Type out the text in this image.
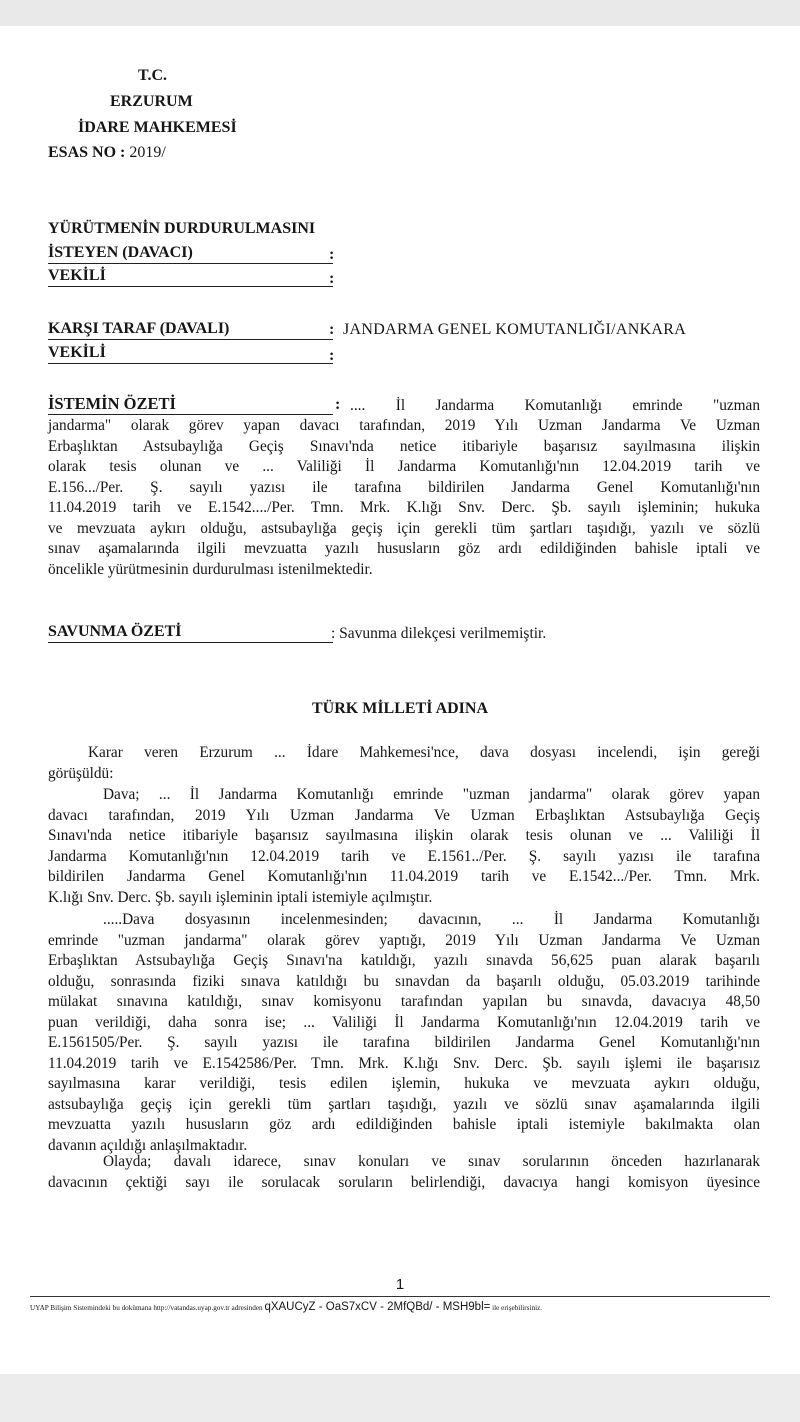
T.C.
ERZURUM
İDARE MAHKEMESİ
ESAS NO : 2019/
YÜRÜTMENİN DURDURULMASINI
İSTEYEN (DAVACI)	:
VEKİLİ	:
KARŞI TARAF (DAVALI)	: JANDARMA GENEL KOMUTANLIĞI/ANKARA
VEKİLİ	:
İSTEMİN ÖZETİ	: .... İl Jandarma Komutanlığı emrinde "uzman
jandarma" olarak görev yapan davacı tarafından, 2019 Yılı Uzman Jandarma Ve Uzman
Erbaşlıktan Astsubaylığa Geçiş Sınavı'nda netice itibariyle başarısız sayılmasına ilişkin
olarak tesis olunan ve ... Valiliği İl Jandarma Komutanlığı'nın 12.04.2019 tarih ve
E.156.../Per. Ş. sayılı yazısı ile tarafına bildirilen Jandarma Genel Komutanlığı'nın
11.04.2019 tarih ve E.1542..../Per. Tmn. Mrk. K.lığı Snv. Derc. Şb. sayılı işleminin; hukuka
ve mevzuata aykırı olduğu, astsubaylığa geçiş için gerekli tüm şartları taşıdığı, yazılı ve sözlü
sınav aşamalarında ilgili mevzuatta yazılı hususların göz ardı edildiğinden bahisle iptali ve
öncelikle yürütmesinin durdurulması istenilmektedir.
SAVUNMA ÖZETİ	: Savunma dilekçesi verilmemiştir.
TÜRK MİLLETİ ADINA
Karar veren Erzurum ... İdare Mahkemesi'nce, dava dosyası incelendi, işin gereği
görüşüldü:
Dava; ... İl Jandarma Komutanlığı emrinde "uzman jandarma" olarak görev yapan
davacı tarafından, 2019 Yılı Uzman Jandarma Ve Uzman Erbaşlıktan Astsubaylığa Geçiş
Sınavı'nda netice itibariyle başarısız sayılmasına ilişkin olarak tesis olunan ve ... Valiliği İl
Jandarma Komutanlığı'nın 12.04.2019 tarih ve E.1561../Per. Ş. sayılı yazısı ile tarafına
bildirilen Jandarma Genel Komutanlığı'nın 11.04.2019 tarih ve E.1542.../Per. Tmn. Mrk.
K.lığı Snv. Derc. Şb. sayılı işleminin iptali istemiyle açılmıştır.
.....Dava dosyasının incelenmesinden; davacının, ... İl Jandarma Komutanlığı
emrinde "uzman jandarma" olarak görev yaptığı, 2019 Yılı Uzman Jandarma Ve Uzman
Erbaşlıktan Astsubaylığa Geçiş Sınavı'na katıldığı, yazılı sınavda 56,625 puan alarak başarılı
olduğu, sonrasında fiziki sınava katıldığı bu sınavdan da başarılı olduğu, 05.03.2019 tarihinde
mülakat sınavına katıldığı, sınav komisyonu tarafından yapılan bu sınavda, davacıya 48,50
puan verildiği, daha sonra ise; ... Valiliği İl Jandarma Komutanlığı'nın 12.04.2019 tarih ve
E.1561505/Per. Ş. sayılı yazısı ile tarafına bildirilen Jandarma Genel Komutanlığı'nın
11.04.2019 tarih ve E.1542586/Per. Tmn. Mrk. K.lığı Snv. Derc. Şb. sayılı işlemi ile başarısız
sayılmasına karar verildiği, tesis edilen işlemin, hukuka ve mevzuata aykırı olduğu,
astsubaylığa geçiş için gerekli tüm şartları taşıdığı, yazılı ve sözlü sınav aşamalarında ilgili
mevzuatta yazılı hususların göz ardı edildiğinden bahisle iptali istemiyle bakılmakta olan
davanın açıldığı anlaşılmaktadır.
Olayda; davalı idarece, sınav konuları ve sınav sorularının önceden hazırlanarak
davacının çektiği sayı ile sorulacak soruların belirlendiği, davacıya hangi komisyon üyesince
1
UYAP Bilişim Sistemindeki bu dokümana http://vatandas.uyap.gov.tr adresinden qXAUCyZ - OaS7xCV - 2MfQBd/ - MSH9bl= ile erişebilirsiniz.
